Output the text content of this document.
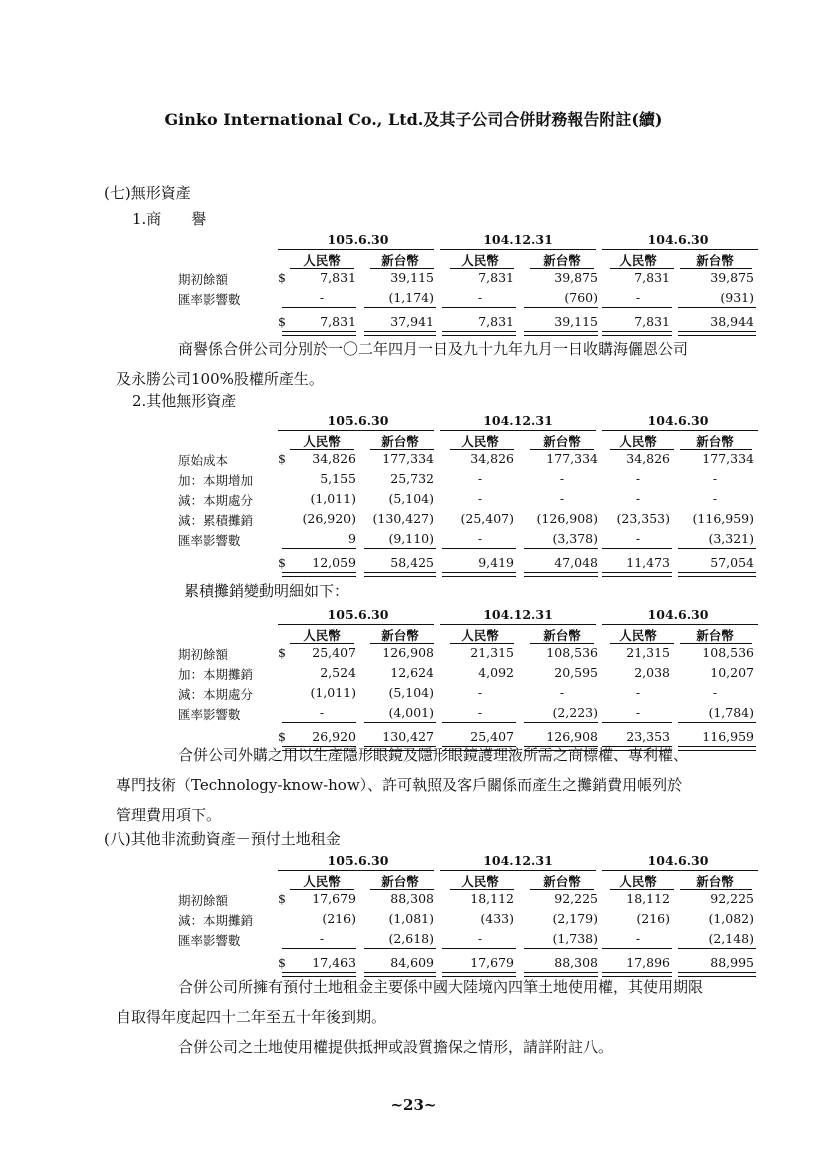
Ginko International Co., Ltd.及其子公司合併財務報告附註(續)
(七)無形資產
1.商　　譽
105.6.30	104.12.31	104.6.30
人民幣	新台幣	人民幣	新台幣	人民幣	新台幣
期初餘額	$	7,831	39,115	7,831	39,875	7,831	39,875
匯率影響數	-	(1,174)	-	(760)	-	(931)
$	7,831	37,941	7,831	39,115	7,831	38,944
商譽係合併公司分別於一〇二年四月一日及九十九年九月一日收購海儷恩公司
及永勝公司100%股權所產生。
2.其他無形資產
105.6.30	104.12.31	104.6.30
人民幣	新台幣	人民幣	新台幣	人民幣	新台幣
原始成本	$	34,826	177,334	34,826	177,334	34,826	177,334
加：本期增加	5,155	25,732	-	-	-	-
減：本期處分	(1,011)	(5,104)	-	-	-	-
減：累積攤銷	(26,920)	(130,427)	(25,407)	(126,908)	(23,353)	(116,959)
匯率影響數	9	(9,110)	-	(3,378)	-	(3,321)
$	12,059	58,425	9,419	47,048	11,473	57,054
累積攤銷變動明細如下：
105.6.30	104.12.31	104.6.30
人民幣	新台幣	人民幣	新台幣	人民幣	新台幣
期初餘額	$	25,407	126,908	21,315	108,536	21,315	108,536
加：本期攤銷	2,524	12,624	4,092	20,595	2,038	10,207
減：本期處分	(1,011)	(5,104)	-	-	-	-
匯率影響數	-	(4,001)	-	(2,223)	-	(1,784)
$	26,920	130,427	25,407	126,908	23,353	116,959
合併公司外購之用以生產隱形眼鏡及隱形眼鏡護理液所需之商標權、專利權、
專門技術（Technology-know-how）、許可執照及客戶關係而產生之攤銷費用帳列於
管理費用項下。
(八)其他非流動資產－預付土地租金
105.6.30	104.12.31	104.6.30
人民幣	新台幣	人民幣	新台幣	人民幣	新台幣
期初餘額	$	17,679	88,308	18,112	92,225	18,112	92,225
減：本期攤銷	(216)	(1,081)	(433)	(2,179)	(216)	(1,082)
匯率影響數	-	(2,618)	-	(1,738)	-	(2,148)
$	17,463	84,609	17,679	88,308	17,896	88,995
合併公司所擁有預付土地租金主要係中國大陸境內四筆土地使用權，其使用期限
自取得年度起四十二年至五十年後到期。
合併公司之土地使用權提供抵押或設質擔保之情形，請詳附註八。
~23~
